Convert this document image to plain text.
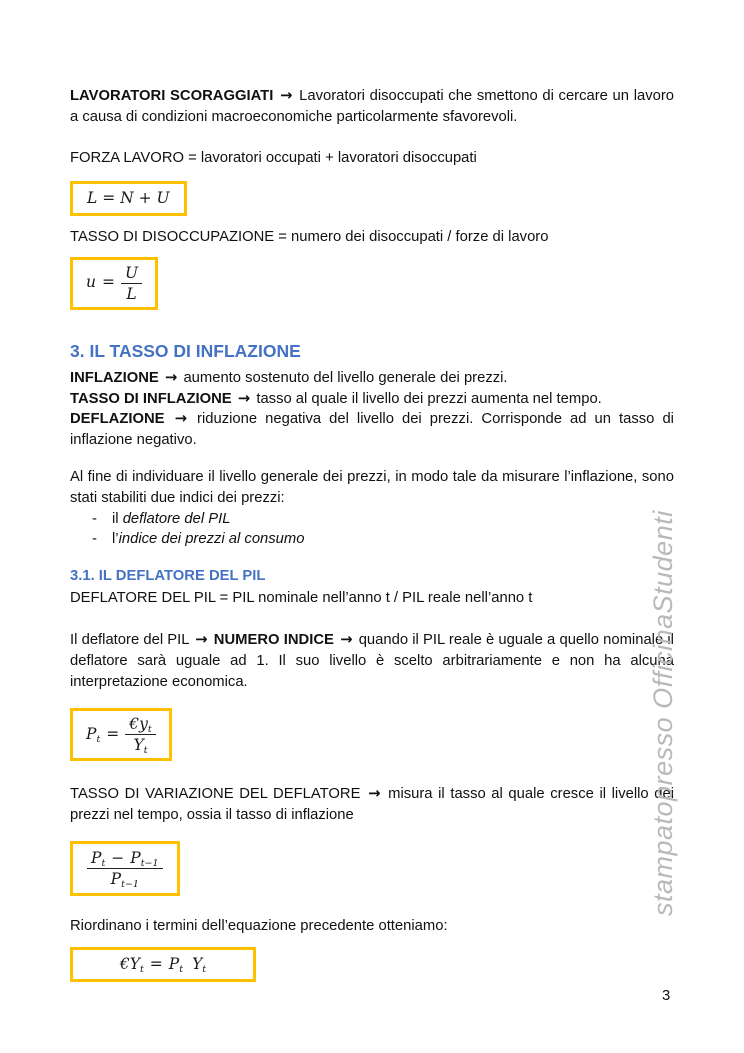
LAVORATORI SCORAGGIATI → Lavoratori disoccupati che smettono di cercare un lavoro a causa di condizioni macroeconomiche particolarmente sfavorevoli.

FORZA LAVORO = lavoratori occupati + lavoratori disoccupati

L = N + U

TASSO DI DISOCCUPAZIONE = numero dei disoccupati / forze di lavoro

$u = \frac{U}{L}$
3. IL TASSO DI INFLAZIONE

INFLAZIONE → aumento sostenuto del livello generale dei prezzi.

TASSO DI INFLAZIONE → tasso al quale il livello dei prezzi aumenta nel tempo.

DEFLAZIONE → riduzione negativa del livello dei prezzi. Corrisponde ad un tasso di inflazione negativo.

Al fine di individuare il livello generale dei prezzi, in modo tale da misurare l’inflazione, sono stati stabiliti due indici dei prezzi:

- il deflatore del PIL
- l’indice dei prezzi al consumo
3.1. IL DEFLATORE DEL PIL

DEFLATORE DEL PIL = PIL nominale nell’anno t / PIL reale nell’anno t

Il deflatore del PIL → NUMERO INDICE → quando il PIL reale è uguale a quello nominale il deflatore sarà uguale ad 1. Il suo livello è scelto arbitrariamente e non ha alcuna interpretazione economica.

$P_t = \frac{€y_t}{Y_t}$

TASSO DI VARIAZIONE DEL DEFLATORE → misura il tasso al quale cresce il livello dei prezzi nel tempo, ossia il tasso di inflazione

$\frac{P_t - P_{t-1}}{P_{t-1}}$

Riordinano i termini dell’equazione precedente otteniamo:

$€Y_t = P_t$ $Y_t$
stampatopresso OfficinaStudenti
3
